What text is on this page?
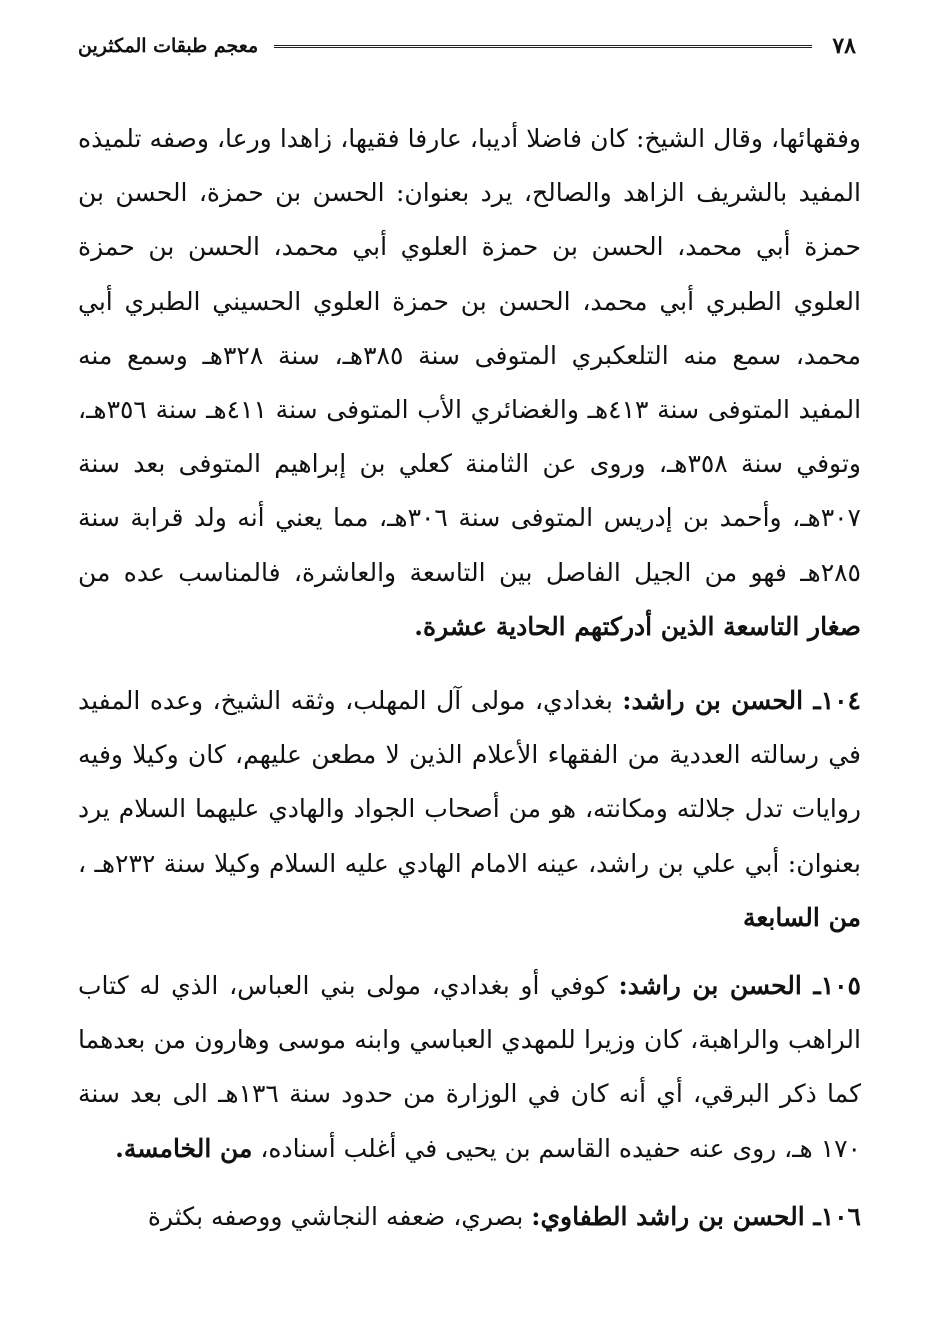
٧٨
معجم طبقات المكثرين

وفقهائها، وقال الشيخ: كان فاضلا أديبا، عارفا فقيها، زاهدا ورعا، وصفه تلميذه المفيد بالشريف الزاهد والصالح، يرد بعنوان: الحسن بن حمزة، الحسن بن حمزة أبي محمد، الحسن بن حمزة العلوي أبي محمد، الحسن بن حمزة العلوي الطبري أبي محمد، الحسن بن حمزة العلوي الحسيني الطبري أبي محمد، سمع منه التلعكبري المتوفى سنة ٣٨٥هـ، سنة ٣٢٨هـ وسمع منه المفيد المتوفى سنة ٤١٣هـ والغضائري الأب المتوفى سنة ٤١١هـ سنة ٣٥٦هـ، وتوفي سنة ٣٥٨هـ، وروى عن الثامنة كعلي بن إبراهيم المتوفى بعد سنة ٣٠٧هـ، وأحمد بن إدريس المتوفى سنة ٣٠٦هـ، مما يعني أنه ولد قرابة سنة ٢٨٥هـ فهو من الجيل الفاصل بين التاسعة والعاشرة، فالمناسب عده من صغار التاسعة الذين أدركتهم الحادية عشرة.

١٠٤ـ الحسن بن راشد: بغدادي، مولى آل المهلب، وثقه الشيخ، وعده المفيد في رسالته العددية من الفقهاء الأعلام الذين لا مطعن عليهم، كان وكيلا وفيه روايات تدل جلالته ومكانته، هو من أصحاب الجواد والهادي عليهما السلام يرد بعنوان: أبي علي بن راشد، عينه الامام الهادي عليه السلام وكيلا سنة ٢٣٢هـ ، من السابعة

١٠٥ـ الحسن بن راشد: كوفي أو بغدادي، مولى بني العباس، الذي له كتاب الراهب والراهبة، كان وزيرا للمهدي العباسي وابنه موسى وهارون من بعدهما كما ذكر البرقي، أي أنه كان في الوزارة من حدود سنة ١٣٦هـ الى بعد سنة ١٧٠ هـ، روى عنه حفيده القاسم بن يحيى في أغلب أسناده، من الخامسة.

١٠٦ـ الحسن بن راشد الطفاوي: بصري، ضعفه النجاشي ووصفه بكثرة
